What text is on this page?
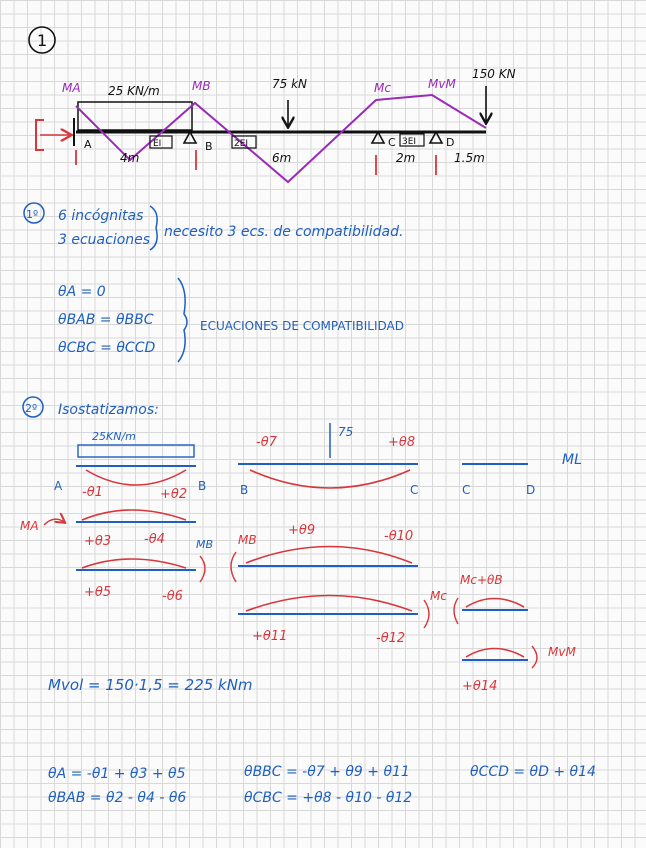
1
25 KN/m	75 kN
150 KN
MA	MB	Mc	MvM
A	B	C	D
EI	2EI	3EI
4m	6m	2m	1.5m
1º 6 incógnitas
3 ecuaciones necesito 3 ecs. de compatibilidad.
θA = 0
θBAB = θBBC
θCBC = θCCD
ECUACIONES DE COMPATIBILIDAD
2º Isostatizamos:
25KN/m
A	B
-θ1	+θ2
75
-θ7	+θ8
B	C	C	D
ML
MA
+θ3	-θ4	MB
+θ5	-θ6
MB
+θ9	-θ10
+θ11	-θ12
Mc
Mc+θB
MvM
+θ14
Mvol = 150·1,5 = 225 kNm
θA = -θ1 + θ3 + θ5
θBAB = θ2 - θ4 - θ6
θBBC = -θ7 + θ9 + θ11
θCBC = +θ8 - θ10 - θ12
θCCD = θD + θ14
